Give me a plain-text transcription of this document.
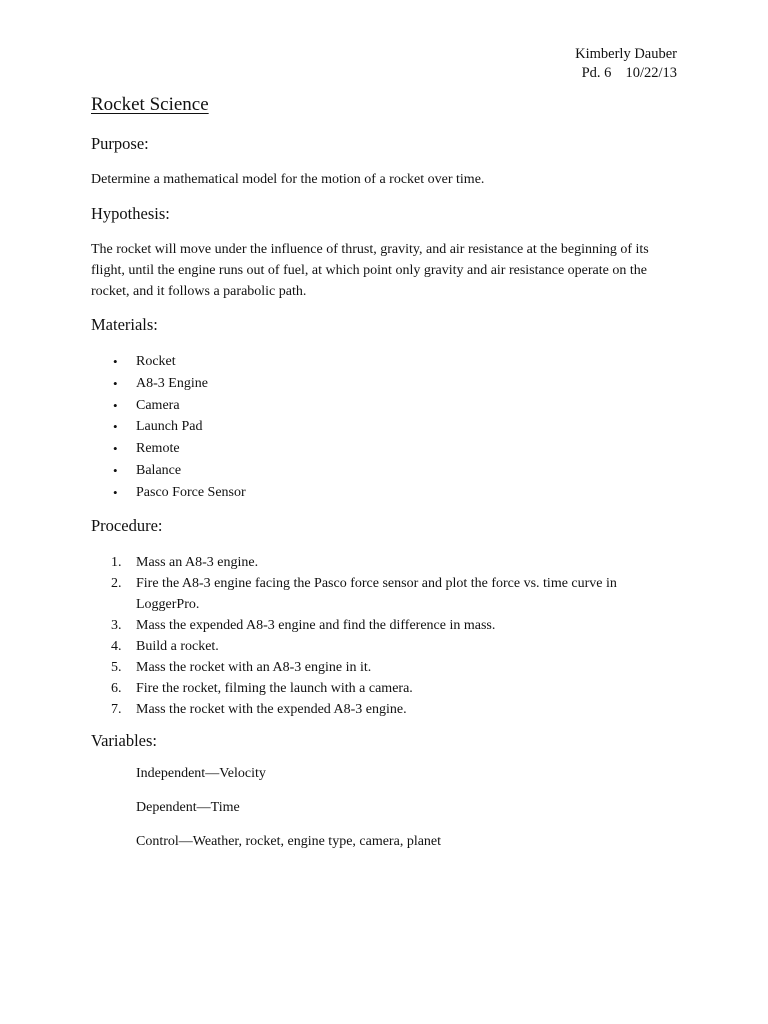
Kimberly Dauber
Pd. 6 10/22/13
Rocket Science
Purpose:

Determine a mathematical model for the motion of a rocket over time.

Hypothesis:

The rocket will move under the influence of thrust, gravity, and air resistance at the beginning of its flight, until the engine runs out of fuel, at which point only gravity and air resistance operate on the rocket, and it follows a parabolic path.

Materials:
• Rocket
• A8-3 Engine
• Camera
• Launch Pad
• Remote
• Balance
• Pasco Force Sensor
Procedure:
1. Mass an A8-3 engine.
2. Fire the A8-3 engine facing the Pasco force sensor and plot the force vs. time curve in LoggerPro.
3. Mass the expended A8-3 engine and find the difference in mass.
4. Build a rocket.
5. Mass the rocket with an A8-3 engine in it.
6. Fire the rocket, filming the launch with a camera.
7. Mass the rocket with the expended A8-3 engine.
Variables:

Independent—Velocity

Dependent—Time

Control—Weather, rocket, engine type, camera, planet
